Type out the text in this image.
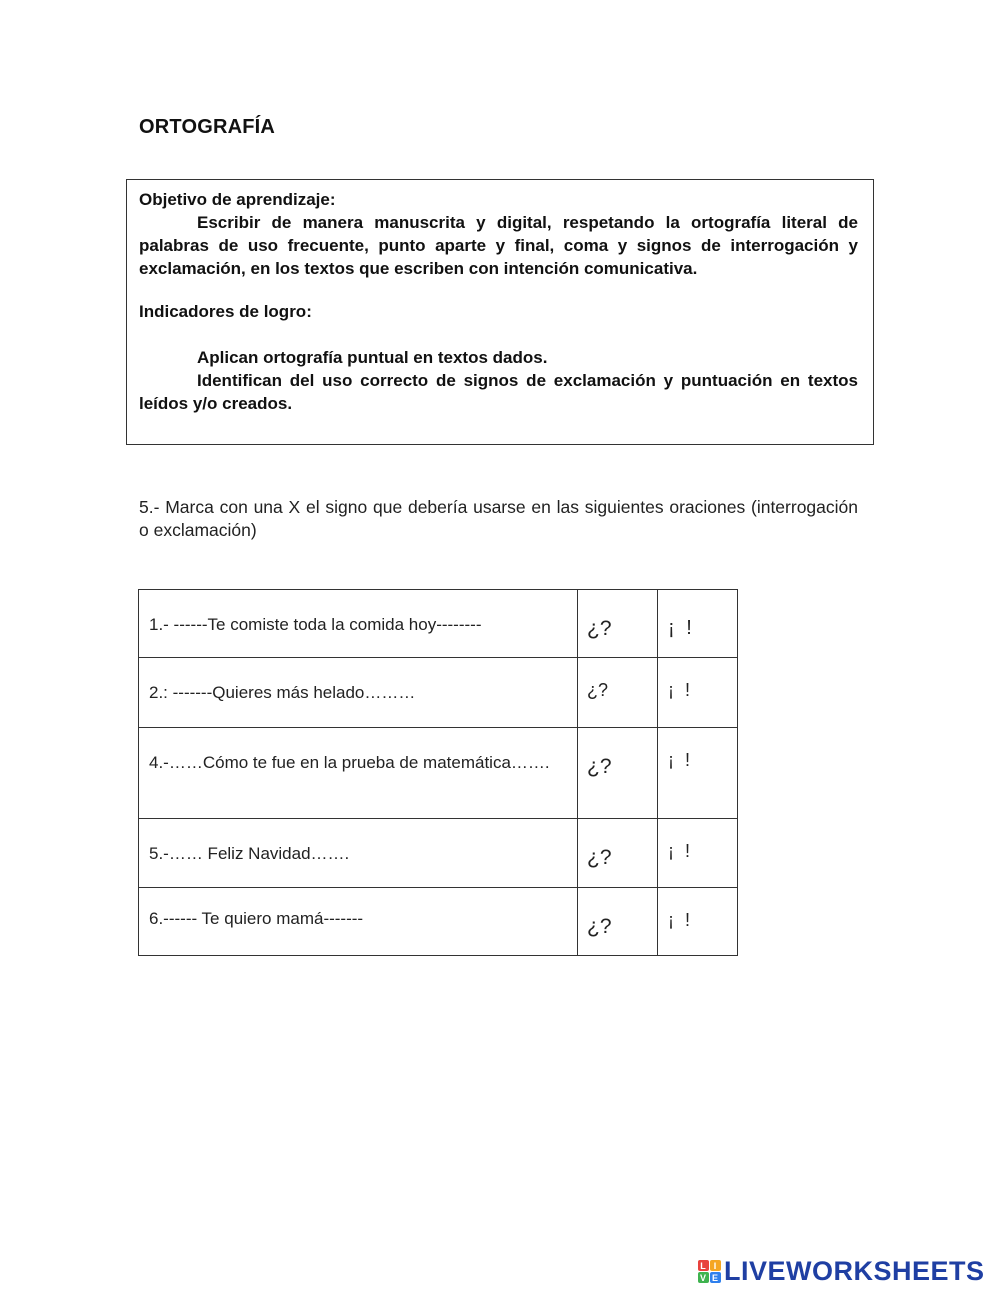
ORTOGRAFÍA

Objetivo de aprendizaje:

Escribir de manera manuscrita y digital, respetando la ortografía literal de palabras de uso frecuente, punto aparte y final, coma y signos de interrogación y exclamación, en los textos que escriben con intención comunicativa.

Indicadores de logro:

Aplican ortografía puntual en textos dados.

Identifican del uso correcto de signos de exclamación y puntuación en textos leídos y/o creados.

5.- Marca con una X el signo que debería usarse en las siguientes oraciones (interrogación o exclamación)
1.- ------Te comiste toda la comida hoy--------	¿?	¡ !

2.: -------Quieres más helado………	¿?	¡ !

4.-……Cómo te fue en la prueba de matemática…….	¿?	¡ !

5.-…… Feliz Navidad…….	¿?	¡ !

6.------ Te quiero mamá-------	¿?	¡ !
L I
V E LIVEWORKSHEETS
